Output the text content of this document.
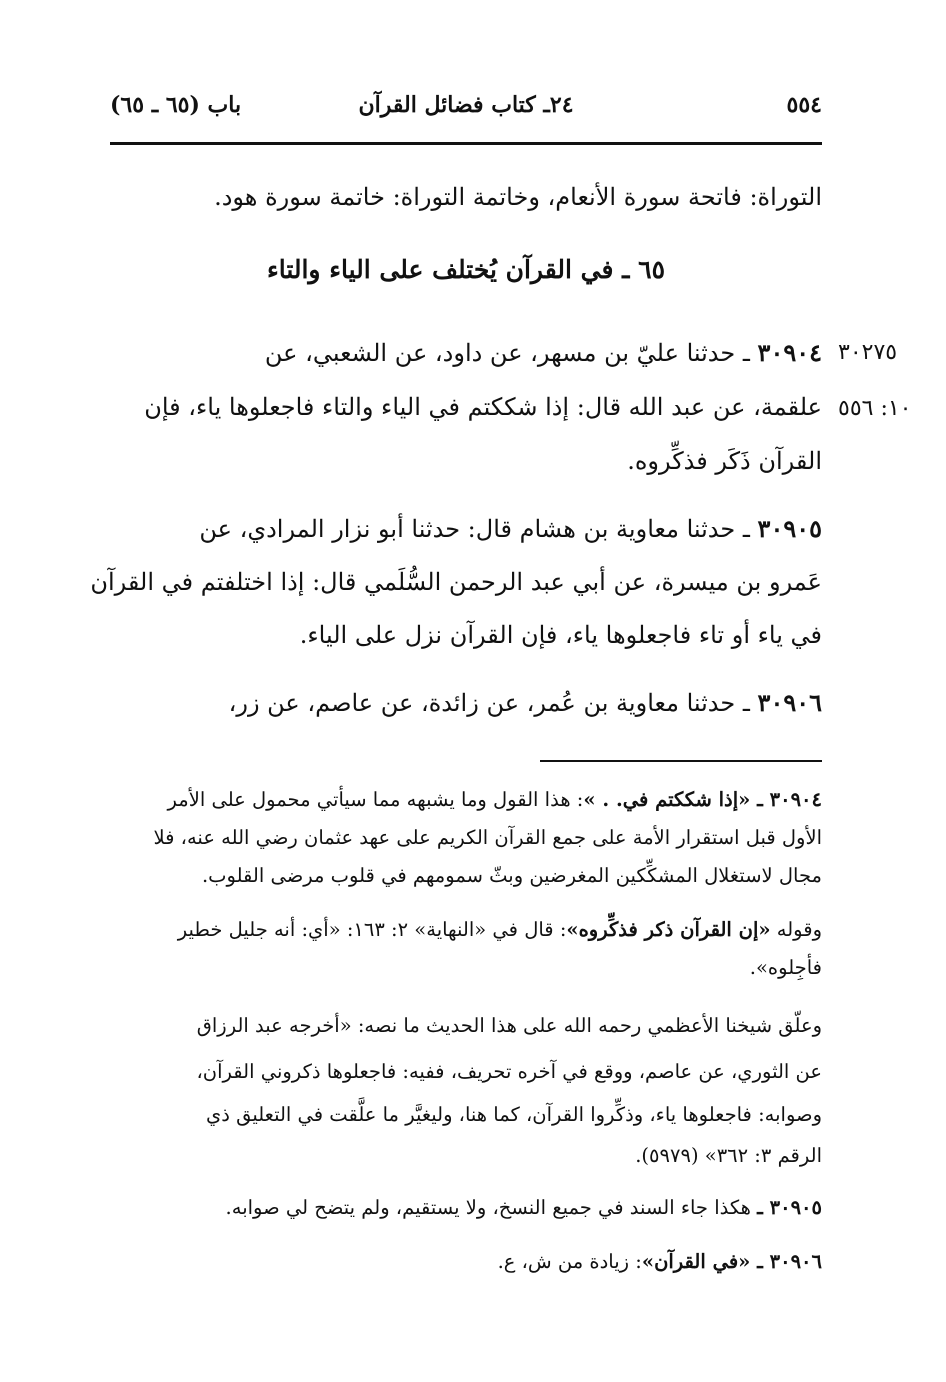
٥٥٤
٢٤ـ كتاب فضائل القرآن
باب (٦٥ ـ ٦٥)
التوراة: فاتحة سورة الأنعام، وخاتمة التوراة: خاتمة سورة هود.
٦٥ ـ في القرآن يُختلف على الياء والتاء
٣٠٩٠٤ ـ حدثنا عليّ بن مسهر، عن داود، عن الشعبي، عن
علقمة، عن عبد الله قال: إذا شككتم في الياء والتاء فاجعلوها ياء، فإن
القرآن ذَكَر فذكِّروه.
٣٠٢٧٥
١٠: ٥٥٦
٣٠٩٠٥ ـ حدثنا معاوية بن هشام قال: حدثنا أبو نزار المرادي، عن
عَمرو بن ميسرة، عن أبي عبد الرحمن السُّلَمي قال: إذا اختلفتم في القرآن
في ياء أو تاء فاجعلوها ياء، فإن القرآن نزل على الياء.
٣٠٩٠٦ ـ حدثنا معاوية بن عُمر، عن زائدة، عن عاصم، عن زر،
٣٠٩٠٤ ـ «إذا شككتم في. . »: هذا القول وما يشبهه مما سيأتي محمول على الأمر
الأول قبل استقرار الأمة على جمع القرآن الكريم على عهد عثمان رضي الله عنه، فلا
مجال لاستغلال المشكِّكين المغرضين وبثّ سمومهم في قلوب مرضى القلوب.
وقوله «إن القرآن ذكر فذكِّروه»: قال في «النهاية» ٢: ١٦٣: «أي: أنه جليل خطير
فأجِلوه».
وعلّق شيخنا الأعظمي رحمه الله على هذا الحديث ما نصه: «أخرجه عبد الرزاق
عن الثوري، عن عاصم، ووقع في آخره تحريف، ففيه: فاجعلوها ذكروني القرآن،
وصوابه: فاجعلوها ياء، وذكِّروا القرآن، كما هنا، وليغيَّر ما علَّقت في التعليق ذي
الرقم ٣: ٣٦٢» (٥٩٧٩).
٣٠٩٠٥ ـ هكذا جاء السند في جميع النسخ، ولا يستقيم، ولم يتضح لي صوابه.
٣٠٩٠٦ ـ «في القرآن»: زيادة من ش، ع.
